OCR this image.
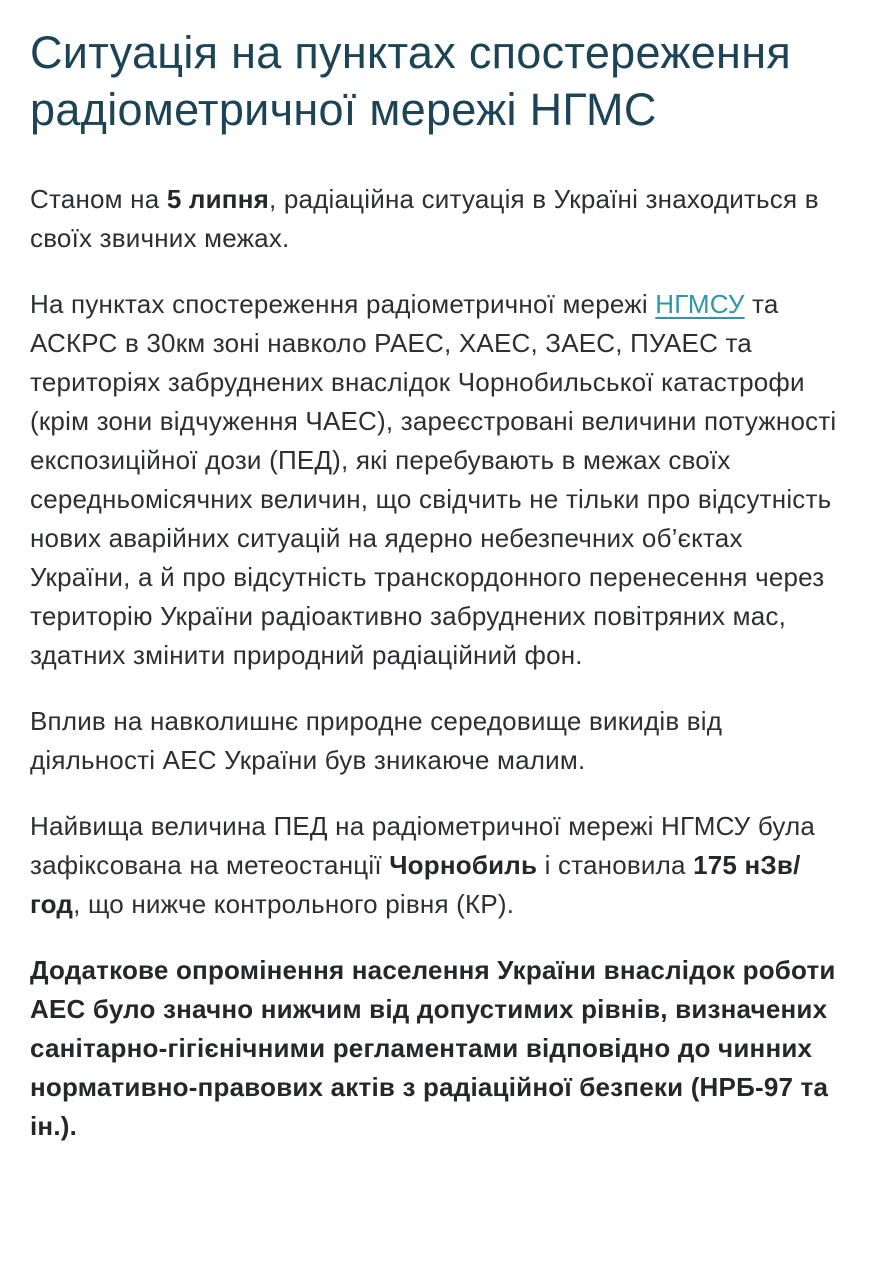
Ситуація на пунктах спостереження радіометричної мережі НГМС

Станом на 5 липня, радіаційна ситуація в Україні знаходиться в своїх звичних межах.

На пунктах спостереження радіометричної мережі НГМСУ та АСКРС в 30км зоні навколо РАЕС, ХАЕС, ЗАЕС, ПУАЕС та територіях забруднених внаслідок Чорнобильської катастрофи (крім зони відчуження ЧАЕС), зареєстровані величини потужності експозиційної дози (ПЕД), які перебувають в межах своїх середньомісячних величин, що свідчить не тільки про відсутність нових аварійних ситуацій на ядерно небезпечних об’єктах України, а й про відсутність транскордонного перенесення через територію України радіоактивно забруднених повітряних мас, здатних змінити природний радіаційний фон.

Вплив на навколишнє природне середовище викидів від діяльності АЕС України був зникаюче малим.

Найвища величина ПЕД на радіометричної мережі НГМСУ була зафіксована на метеостанції Чорнобиль і становила 175 нЗв/год, що нижче контрольного рівня (КР).

Додаткове опромінення населення України внаслідок роботи АЕС було значно нижчим від допустимих рівнів, визначених санітарно-гігієнічними регламентами відповідно до чинних нормативно-правових актів з радіаційної безпеки (НРБ-97 та ін.).
